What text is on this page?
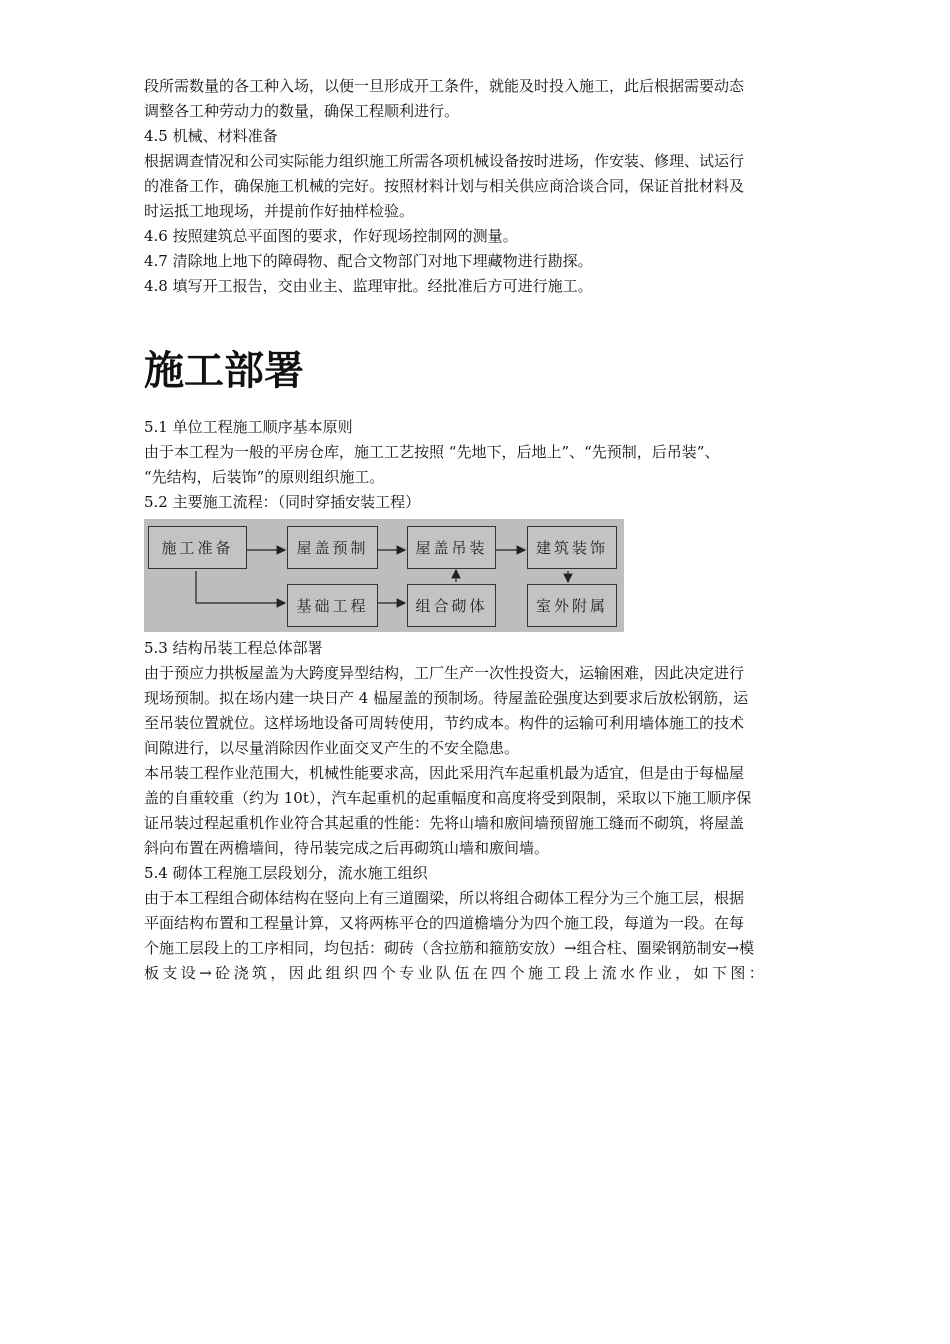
段所需数量的各工种入场，以便一旦形成开工条件，就能及时投入施工，此后根据需要动态

调整各工种劳动力的数量，确保工程顺利进行。

4.5 机械、材料准备

根据调查情况和公司实际能力组织施工所需各项机械设备按时进场，作安装、修理、试运行

的准备工作，确保施工机械的完好。按照材料计划与相关供应商洽谈合同，保证首批材料及

时运抵工地现场，并提前作好抽样检验。

4.6 按照建筑总平面图的要求，作好现场控制网的测量。

4.7 清除地上地下的障碍物、配合文物部门对地下埋藏物进行勘探。

4.8 填写开工报告，交由业主、监理审批。经批准后方可进行施工。

施工部署

5.1 单位工程施工顺序基本原则

由于本工程为一般的平房仓库，施工工艺按照 “先地下，后地上”、“先预制，后吊装”、

“先结构，后装饰”的原则组织施工。

5.2 主要施工流程：（同时穿插安装工程）

施工准备	屋盖预制	屋盖吊装	建筑装饰
基础工程	组合砌体	室外附属

5.3 结构吊装工程总体部署

由于预应力拱板屋盖为大跨度异型结构，工厂生产一次性投资大，运输困难，因此决定进行

现场预制。拟在场内建一块日产 4 榀屋盖的预制场。待屋盖砼强度达到要求后放松钢筋，运

至吊装位置就位。这样场地设备可周转使用，节约成本。构件的运输可利用墙体施工的技术

间隙进行，以尽量消除因作业面交叉产生的不安全隐患。

本吊装工程作业范围大，机械性能要求高，因此采用汽车起重机最为适宜，但是由于每榀屋

盖的自重较重（约为 10t），汽车起重机的起重幅度和高度将受到限制，采取以下施工顺序保

证吊装过程起重机作业符合其起重的性能：先将山墙和廒间墙预留施工缝而不砌筑，将屋盖

斜向布置在两檐墙间，待吊装完成之后再砌筑山墙和廒间墙。

5.4 砌体工程施工层段划分，流水施工组织

由于本工程组合砌体结构在竖向上有三道圈梁，所以将组合砌体工程分为三个施工层，根据

平面结构布置和工程量计算，又将两栋平仓的四道檐墙分为四个施工段，每道为一段。在每

个施工层段上的工序相同，均包括：砌砖（含拉筋和箍筋安放）→组合柱、圈梁钢筋制安→模

板支设→砼浇筑，因此组织四个专业队伍在四个施工段上流水作业，如下图：
